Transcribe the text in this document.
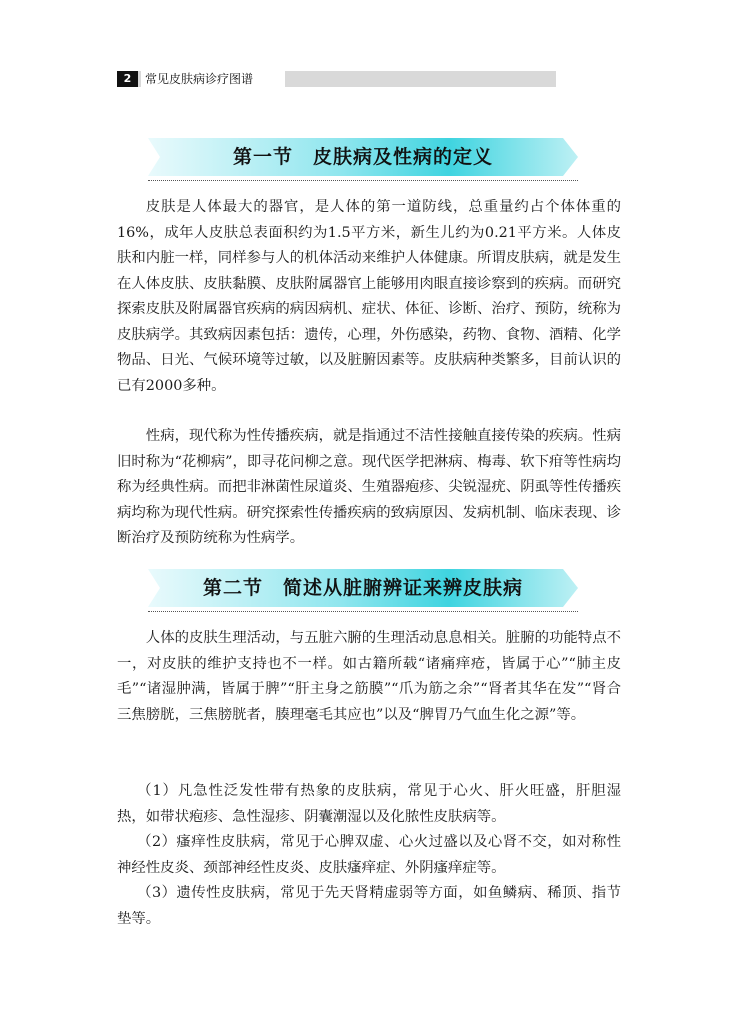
2	常见皮肤病诊疗图谱
第一节　皮肤病及性病的定义

皮肤是人体最大的器官，是人体的第一道防线，总重量约占个体体重的16%，成年人皮肤总表面积约为1.5平方米，新生儿约为0.21平方米。人体皮肤和内脏一样，同样参与人的机体活动来维护人体健康。所谓皮肤病，就是发生在人体皮肤、皮肤黏膜、皮肤附属器官上能够用肉眼直接诊察到的疾病。而研究探索皮肤及附属器官疾病的病因病机、症状、体征、诊断、治疗、预防，统称为皮肤病学。其致病因素包括：遗传，心理，外伤感染，药物、食物、酒精、化学物品、日光、气候环境等过敏，以及脏腑因素等。皮肤病种类繁多，目前认识的已有2000多种。

性病，现代称为性传播疾病，就是指通过不洁性接触直接传染的疾病。性病旧时称为“花柳病”，即寻花问柳之意。现代医学把淋病、梅毒、软下疳等性病均称为经典性病。而把非淋菌性尿道炎、生殖器疱疹、尖锐湿疣、阴虱等性传播疾病均称为现代性病。研究探索性传播疾病的致病原因、发病机制、临床表现、诊断治疗及预防统称为性病学。

第二节　简述从脏腑辨证来辨皮肤病

人体的皮肤生理活动，与五脏六腑的生理活动息息相关。脏腑的功能特点不一，对皮肤的维护支持也不一样。如古籍所载“诸痛痒疮，皆属于心”“肺主皮毛”“诸湿肿满，皆属于脾”“肝主身之筋膜”“爪为筋之余”“肾者其华在发”“肾合三焦膀胱，三焦膀胱者，腠理毫毛其应也”以及“脾胃乃气血生化之源”等。

（1）凡急性泛发性带有热象的皮肤病，常见于心火、肝火旺盛，肝胆湿热，如带状疱疹、急性湿疹、阴囊潮湿以及化脓性皮肤病等。

（2）瘙痒性皮肤病，常见于心脾双虚、心火过盛以及心肾不交，如对称性神经性皮炎、颈部神经性皮炎、皮肤瘙痒症、外阴瘙痒症等。

（3）遗传性皮肤病，常见于先天肾精虚弱等方面，如鱼鳞病、稀顶、指节垫等。
